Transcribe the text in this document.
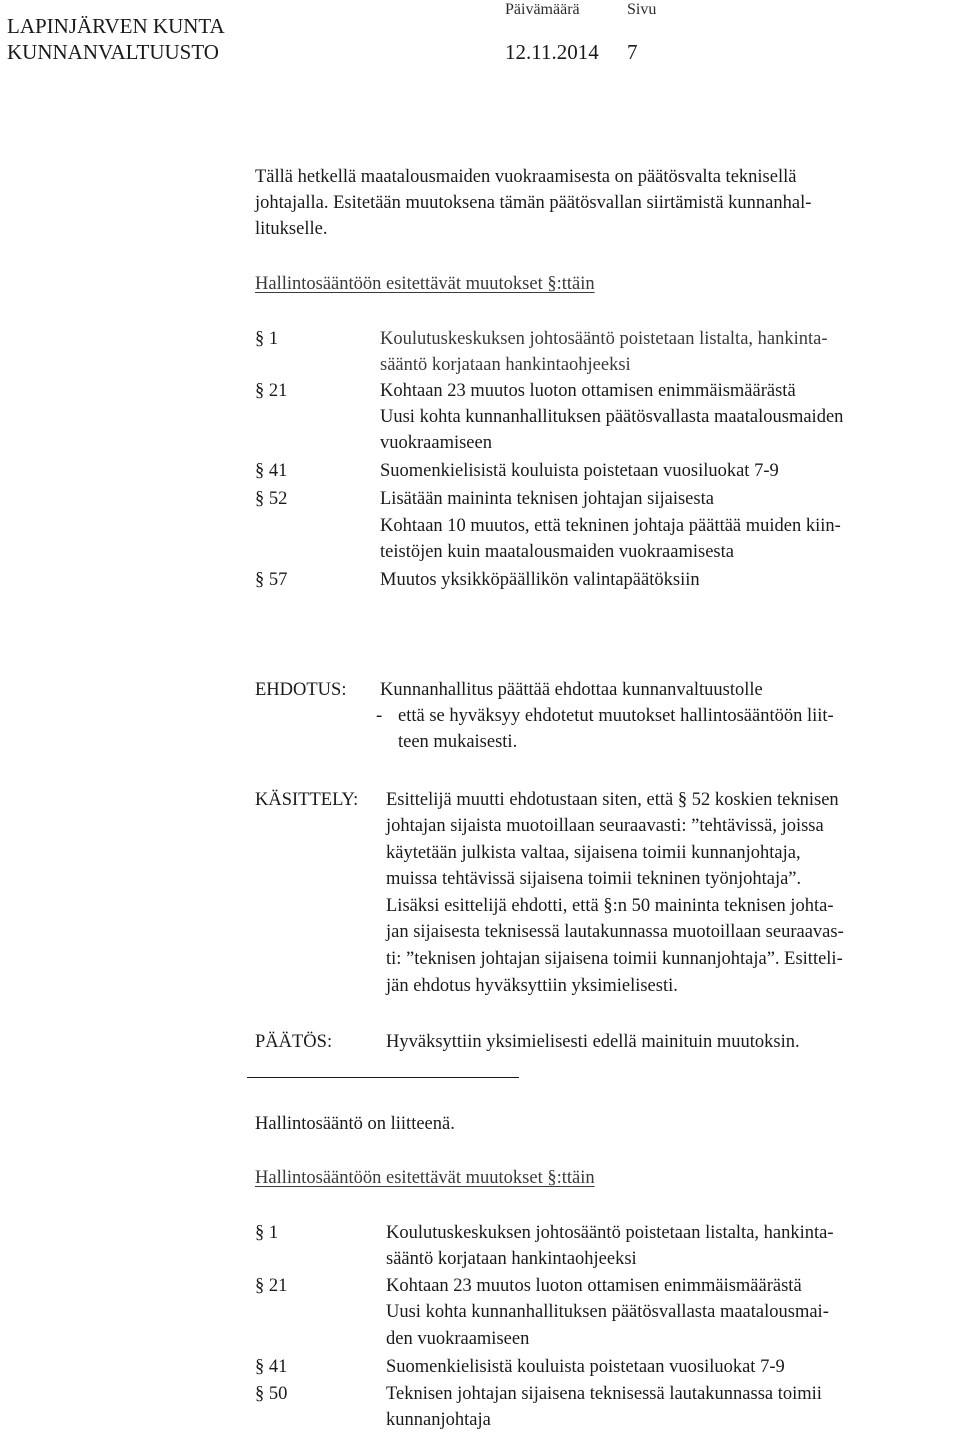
LAPINJÄRVEN KUNTA
KUNNANVALTUUSTO
Päivämäärä	Sivu
12.11.2014 7
Tällä hetkellä maatalousmaiden vuokraamisesta on päätösvalta teknisellä
johtajalla. Esitetään muutoksena tämän päätösvallan siirtämistä kunnanhal-
litukselle.
Hallintosääntöön esitettävät muutokset §:ttäin
§ 1	Koulutuskeskuksen johtosääntö poistetaan listalta, hankinta-
sääntö korjataan hankintaohjeeksi
§ 21	Kohtaan 23 muutos luoton ottamisen enimmäismäärästä
Uusi kohta kunnanhallituksen päätösvallasta maatalousmaiden
vuokraamiseen
§ 41	Suomenkielisistä kouluista poistetaan vuosiluokat 7-9
§ 52	Lisätään maininta teknisen johtajan sijaisesta
Kohtaan 10 muutos, että tekninen johtaja päättää muiden kiin-
teistöjen kuin maatalousmaiden vuokraamisesta
§ 57	Muutos yksikköpäällikön valintapäätöksiin
EHDOTUS: Kunnanhallitus päättää ehdottaa kunnanvaltuustolle
- että se hyväksyy ehdotetut muutokset hallintosääntöön liit-
teen mukaisesti.
KÄSITTELY: Esittelijä muutti ehdotustaan siten, että § 52 koskien teknisen
johtajan sijaista muotoillaan seuraavasti: ”tehtävissä, joissa
käytetään julkista valtaa, sijaisena toimii kunnanjohtaja,
muissa tehtävissä sijaisena toimii tekninen työnjohtaja”.
Lisäksi esittelijä ehdotti, että §:n 50 maininta teknisen johta-
jan sijaisesta teknisessä lautakunnassa muotoillaan seuraavas-
ti: ”teknisen johtajan sijaisena toimii kunnanjohtaja”. Esitteli-
jän ehdotus hyväksyttiin yksimielisesti.
PÄÄTÖS:	Hyväksyttiin yksimielisesti edellä mainituin muutoksin.
Hallintosääntö on liitteenä.
Hallintosääntöön esitettävät muutokset §:ttäin
§ 1	Koulutuskeskuksen johtosääntö poistetaan listalta, hankinta-
sääntö korjataan hankintaohjeeksi
§ 21	Kohtaan 23 muutos luoton ottamisen enimmäismäärästä
Uusi kohta kunnanhallituksen päätösvallasta maatalousmai-
den vuokraamiseen
§ 41	Suomenkielisistä kouluista poistetaan vuosiluokat 7-9
§ 50	Teknisen johtajan sijaisena teknisessä lautakunnassa toimii
kunnanjohtaja
